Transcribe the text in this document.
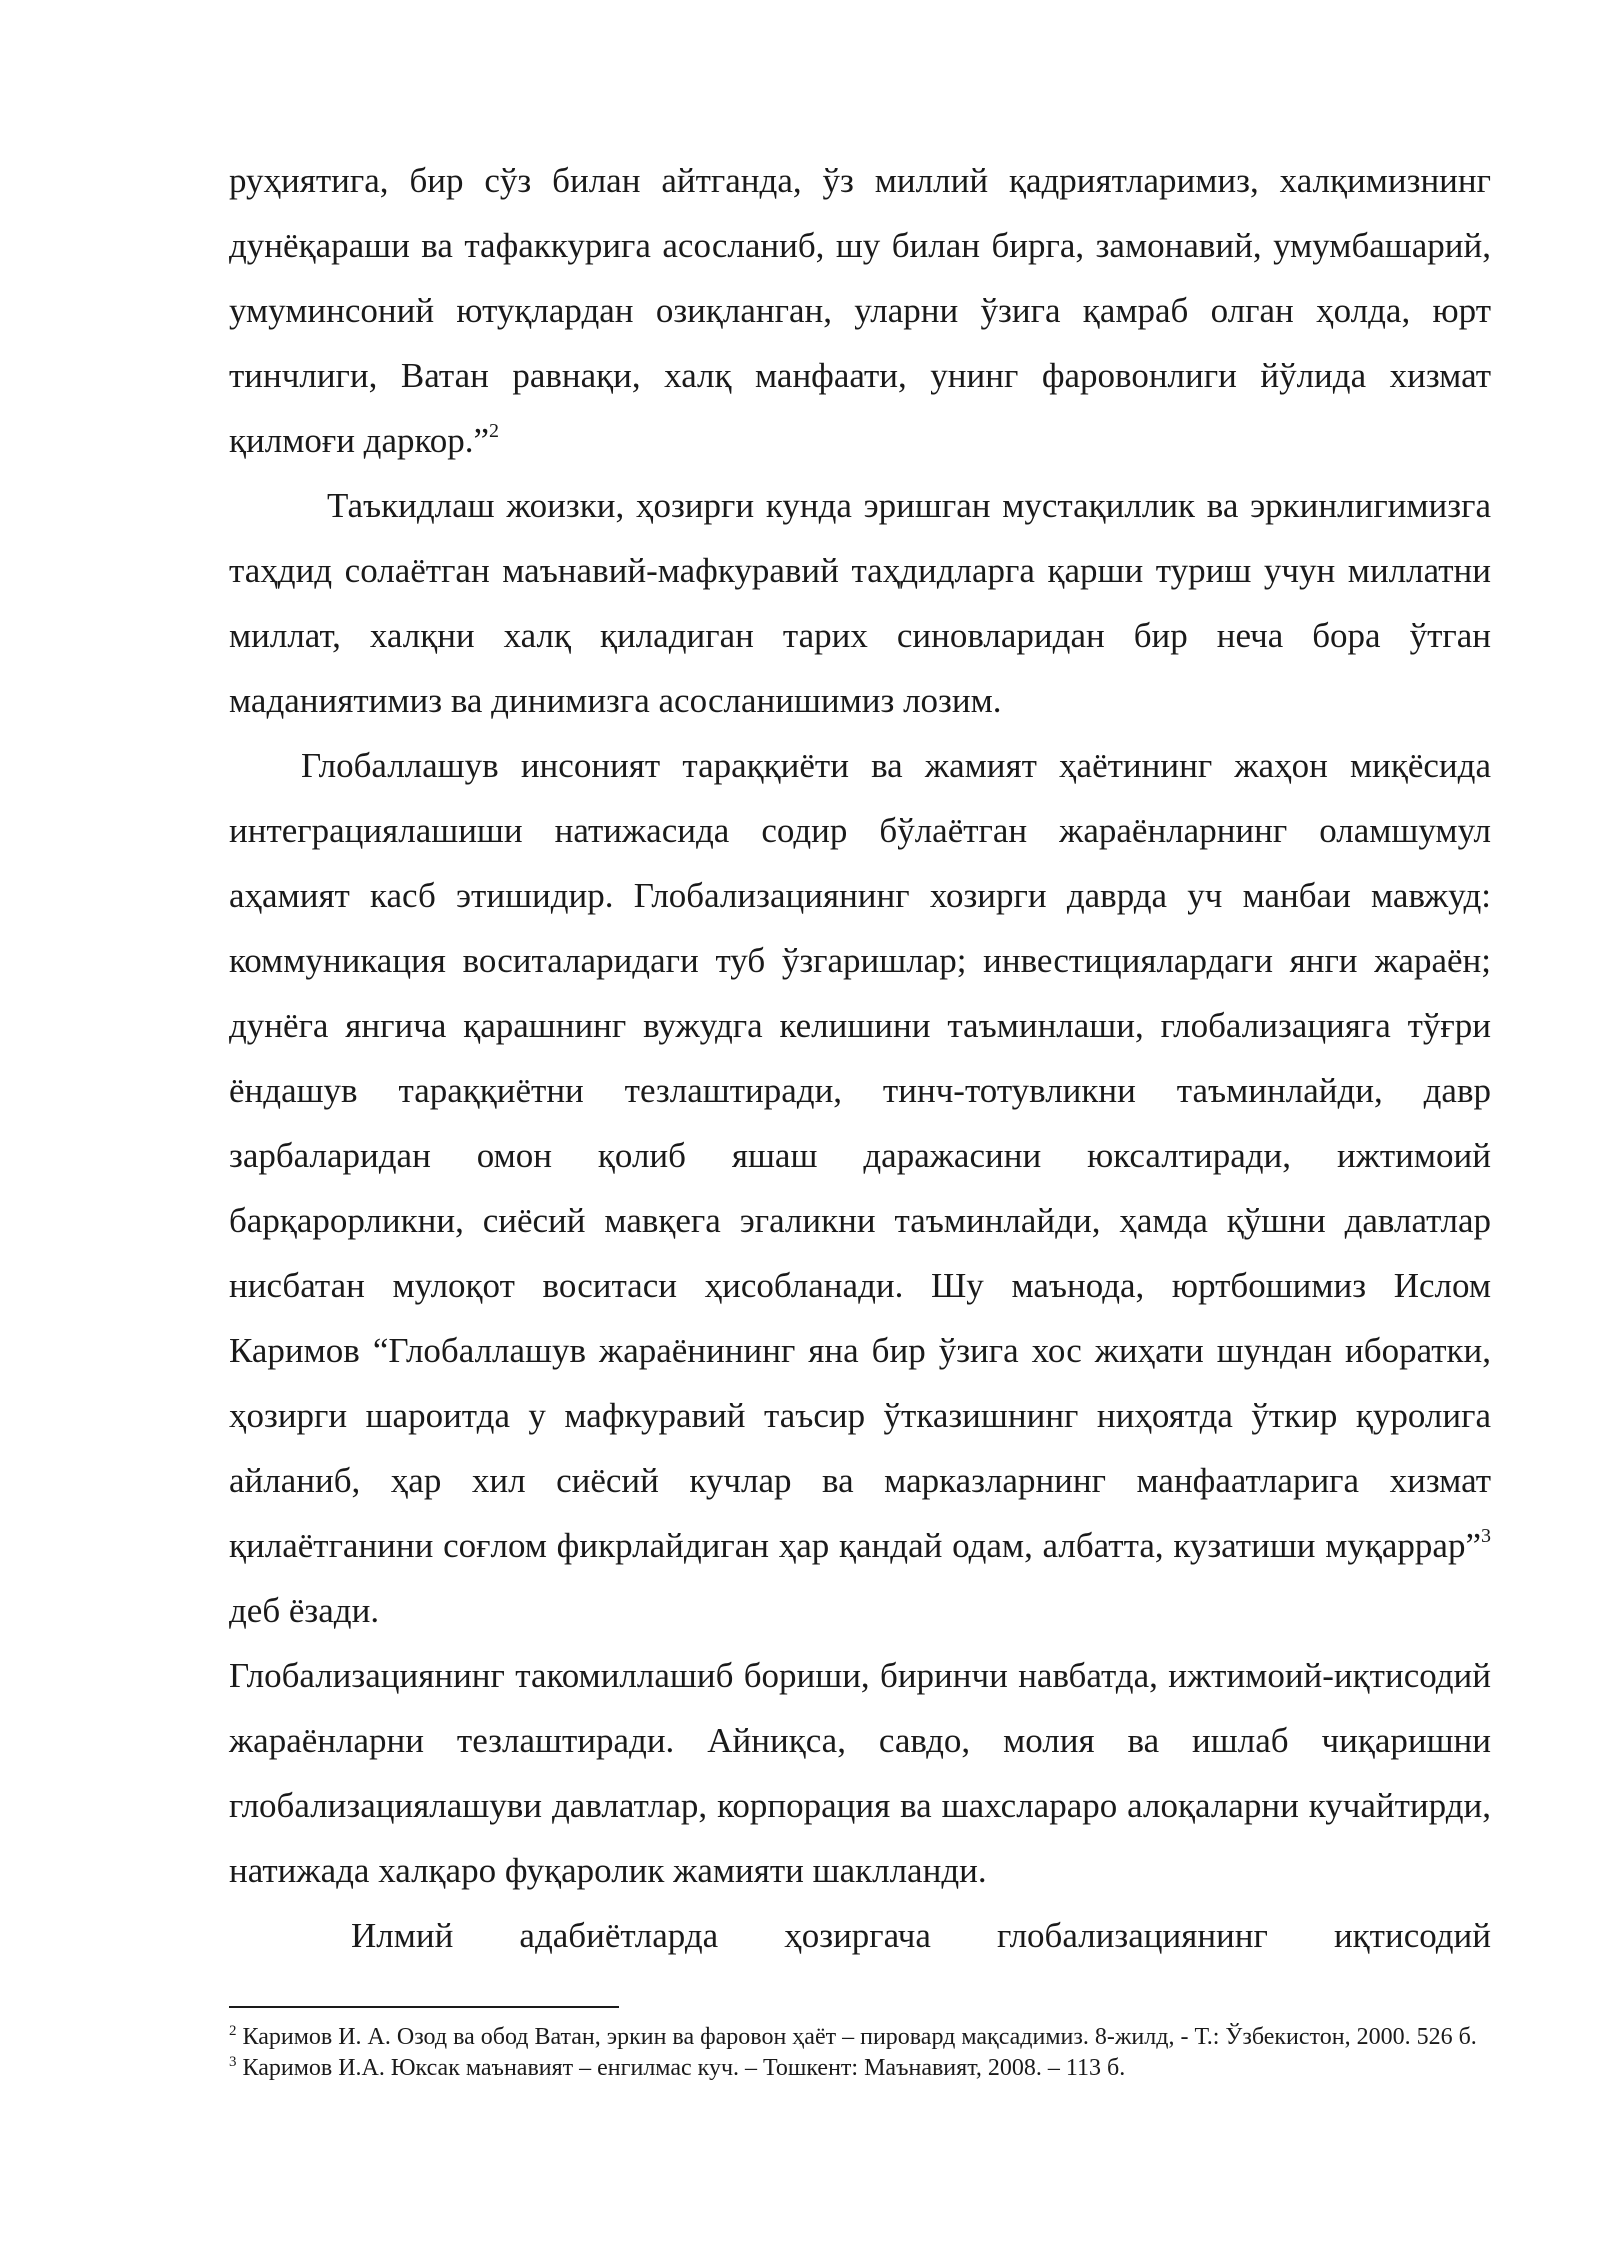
руҳиятига, бир сўз билан айтганда, ўз миллий қадриятларимиз, халқимизнинг дунёқараши ва тафаккурига асосланиб, шу билан бирга, замонавий, умумбашарий, умуминсоний ютуқлардан озиқланган, уларни ўзига қамраб олган ҳолда, юрт тинчлиги, Ватан равнақи, халқ манфаати, унинг фаровонлиги йўлида хизмат қилмоғи даркор.”$^2$

Таъкидлаш жоизки, ҳозирги кунда эришган мустақиллик ва эркинлигимизга таҳдид солаётган маънавий-мафкуравий таҳдидларга қарши туриш учун миллатни миллат, халқни халқ қиладиган тарих синовларидан бир неча бора ўтган маданиятимиз ва динимизга асосланишимиз лозим.

Глобаллашув инсоният тараққиёти ва жамият ҳаётининг жаҳон миқёсида интеграциялашиши натижасида содир бўлаётган жараёнларнинг оламшумул аҳамият касб этишидир. Глобализациянинг хозирги даврда уч манбаи мавжуд: коммуникация воситаларидаги туб ўзгаришлар; инвестициялардаги янги жараён; дунёга янгича қарашнинг вужудга келишини таъминлаши, глобализацияга тўғри ёндашув тараққиётни тезлаштиради, тинч-тотувликни таъминлайди, давр зарбаларидан омон қолиб яшаш даражасини юксалтиради, ижтимоий барқарорликни, сиёсий мавқега эгаликни таъминлайди, ҳамда қўшни давлатлар нисбатан мулоқот воситаси ҳисобланади. Шу маънода, юртбошимиз Ислом Каримов “Глобаллашув жараёнининг яна бир ўзига хос жиҳати шундан иборатки, ҳозирги шароитда у мафкуравий таъсир ўтказишнинг ниҳоятда ўткир қуролига айланиб, ҳар хил сиёсий кучлар ва марказларнинг манфаатларига хизмат қилаётганини соғлом фикрлайдиган ҳар қандай одам, албатта, кузатиши муқаррар”$^3$ деб ёзади.

Глобализациянинг такомиллашиб бориши, биринчи навбатда, ижтимоий-иқтисодий жараёнларни тезлаштиради. Айниқса, савдо, молия ва ишлаб чиқаришни глобализациялашуви давлатлар, корпорация ва шахслараро алоқаларни кучайтирди, натижада халқаро фуқаролик жамияти шаклланди.

Илмий адабиётларда ҳозиргача глобализациянинг иқтисодий

$^2$ Каримов И. А. Озод ва обод Ватан, эркин ва фаровон ҳаёт – пировард мақсадимиз. 8-жилд, - Т.: Ўзбекистон, 2000. 526 б.

$^3$ Каримов И.А. Юксак маънавият – енгилмас куч. – Тошкент: Маънавият, 2008. – 113 б.
